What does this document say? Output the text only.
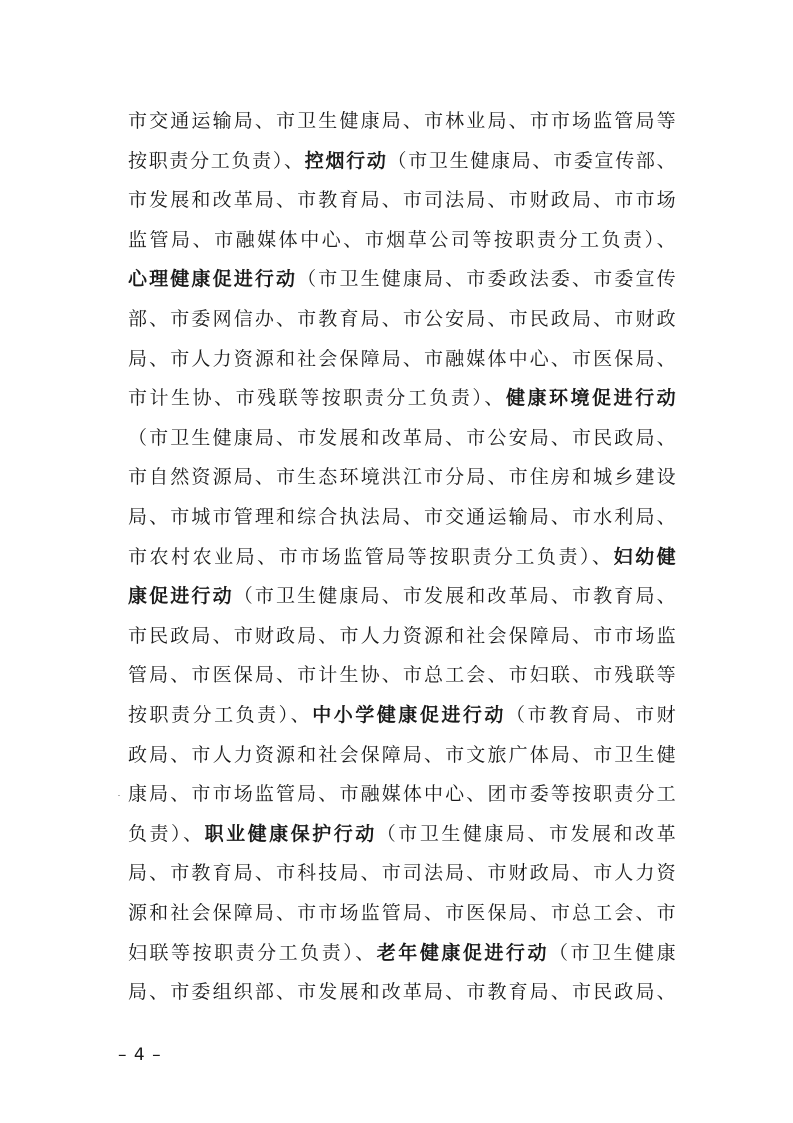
市交通运输局、市卫生健康局、市林业局、市市场监管局等
按职责分工负责）、控烟行动（市卫生健康局、市委宣传部、
市发展和改革局、市教育局、市司法局、市财政局、市市场
监管局、市融媒体中心、市烟草公司等按职责分工负责）、
心理健康促进行动（市卫生健康局、市委政法委、市委宣传
部、市委网信办、市教育局、市公安局、市民政局、市财政
局、市人力资源和社会保障局、市融媒体中心、市医保局、
市计生协、市残联等按职责分工负责）、健康环境促进行动
（市卫生健康局、市发展和改革局、市公安局、市民政局、
市自然资源局、市生态环境洪江市分局、市住房和城乡建设
局、市城市管理和综合执法局、市交通运输局、市水利局、
市农村农业局、市市场监管局等按职责分工负责）、妇幼健
康促进行动（市卫生健康局、市发展和改革局、市教育局、
市民政局、市财政局、市人力资源和社会保障局、市市场监
管局、市医保局、市计生协、市总工会、市妇联、市残联等
按职责分工负责）、中小学健康促进行动（市教育局、市财
政局、市人力资源和社会保障局、市文旅广体局、市卫生健
康局、市市场监管局、市融媒体中心、团市委等按职责分工
负责）、职业健康保护行动（市卫生健康局、市发展和改革
局、市教育局、市科技局、市司法局、市财政局、市人力资
源和社会保障局、市市场监管局、市医保局、市总工会、市
妇联等按职责分工负责）、老年健康促进行动（市卫生健康
局、市委组织部、市发展和改革局、市教育局、市民政局、
– 4 –
